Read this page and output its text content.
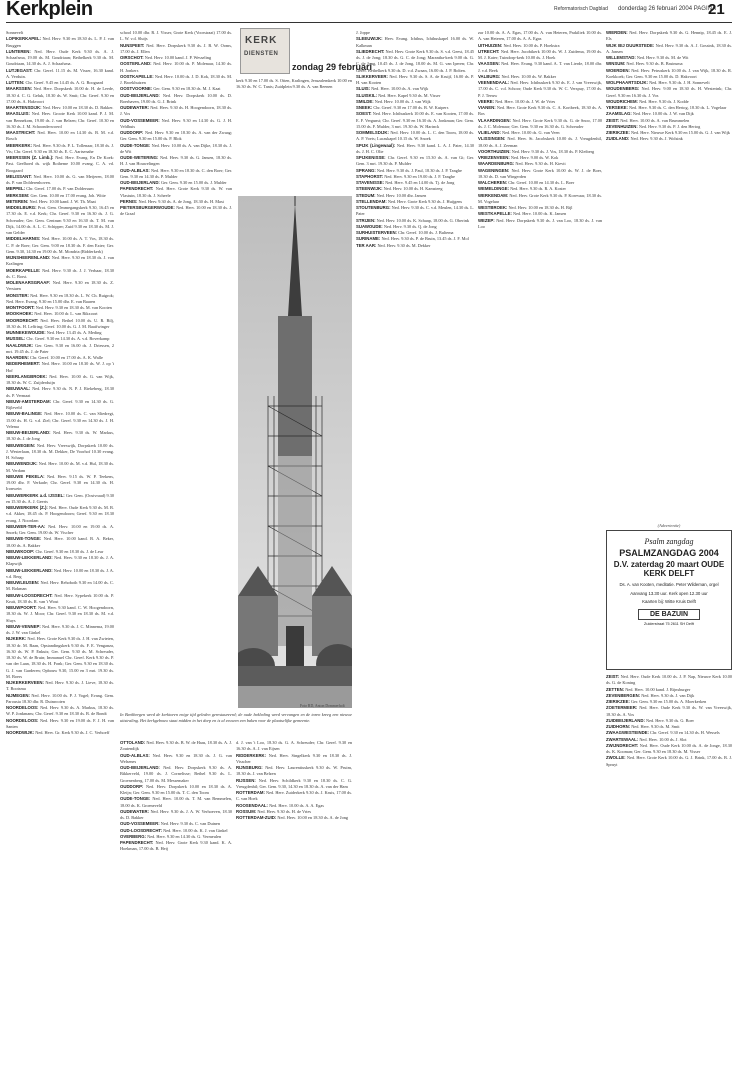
Kerkplein	Reformatorisch Dagblad donderdag 26 februari 2004 PAGINA
21

Sonnevelt

LOPIKERKAPEL: Ned. Herv. 9.30 en 18.30 ds. L. P. J. van Bruggen

LUNTEREN: Ned. Herv. Oude Kerk 9.30 ds. A. J. Schaafsma, 19.00 ds. M. Goudriaan; Bethelkerk 9.30 ds. M. Goudriaan, 14.30 ds. A. J. Schaafsma.

LUTJEGAST: Chr. Geref. 11.15 ds. M. Visser, 16.30 kand. A. Verduin.

LUTTEN: Chr. Geref. 9.45 en 14.45 ds. A. G. Boogaard

MAARSSEN: Ned. Herv. Dorpskerk 10.00 dr. H. de Leede, 18.30 d. C. G. Geluk, 18.30 ds. W. Smit; Chr. Geref. 9.30 en 17.00 ds. A. Hakvoort

MAARTENSDIJK: Ned. Herv. 10.00 en 18.30 ds. D. Bakker.

MAASLUIS: Ned. Herv. Groote Kerk 10.00 kand. P. J. M. van Bennekom, 19.00 ds. J. van Belzen; Chr. Geref. 10.30 en 16.30 ds. J. M. Schoonderwoerd

MAASTRICHT: Ned. Herv. 10.00 en 14.30 ds. B. M. v.d. Bosch

MEERKERK: Ned. Herv. 9.30 ds. P. L. Tollenaar, 18.30 ds. J. Vis; Chr. Geref. 9.30 en 18.30 ds. E. C. Aartsenahe

MEERSSEN (Z. Limb.): Ned. Herv. Evang. En De Koek: Past. Geelhoed ds. wijk Rotheme 10.00 evang. C. A. vd. Boogaard

MELISSANT: Ned. Herv. 10.00 ds. G. van Meijeren, 18.00 ds. P. van Dolderenhoven.

MEPPEL: Chr. Geref. 17.00 ds. P. van Doldersum

MERKSEM: Ger. Gem. 10.00 en 17.00 evang. Joh. Witte

METEREN: Ned. Herv. 10.00 kand. J. W. Th. Maat

MIDDELBURG: Prot. Gem. Ommegangskerk 9.30, 16.45 en 17.30 ds. E. v.d. Kerk; Chr. Geref. 9.30 en 16.30 ds. J. G. Schreuder; Ger. Gem. Centrum 9.30 en 16.30 ds. T. M. van Dijk, 14.00 ds. A. L. C. Schipper; Zuid 9.30 en 18.30 ds. M. J. van Gelder

MIDDELHARNIS: Ned. Herv. 10.00 ds. A. T. Vos, 18.30 ds. C. P. de Boer; Ger. Gem. 9.00 en 18.30 ds. F. den Exter; Ger. Gem. 9.30, 14.30 en 19.00 ds. M. Mondria (Ridderkerk)

MIJNSHEERENLAND: Ned. Herv. 9.30 en 18.30 ds. J. van Kralingen

MOERKAPELLE: Ned. Herv. 9.30 ds. J. J. Verhaar, 18.30 ds. C. Borst.

MOLENAARSGRAAF: Ned. Herv. 9.30 en 18.30 ds. Z. Verstaen

MONSTER: Ned. Herv. 9.30 en 18.30 ds. L. W. Ch. Ruigrok; Ned. Herv. Evang. 9.30 en 15.00 dhr. E. van Baaren

MONTFOORT: Ned. Herv. 9.30 en 18.30 ds. M. van Kooten

MOOKHOEK: Ned. Herv. 10.00 dr. L. van Rikxoort

MOORDRECHT: Ned. Herv. Bethel 10.00 ds. U. R. Bilj, 18.30 ds. H. Leffring; Geref. 10.00 ds. G. J. M. Baaifwinger

MUNNEKEWOUDE: Ned. Herv. 13.45 ds. A. Meding

MUSSEL: Chr. Geref. 9.30 en 14.30 ds. A. v.d. Boverkamp

NAALDWIJK: Ger. Gem. 9.30 en 16.00 ds. J. Driessen, 2 mrt. 19.45 ds. J. de Pater

NAARDEN: Chr. Geref. 10.00 en 17.00 ds. A. K. Walle

NEDERHEMERT: Ned. Herv. 10.00 en 18.30 ds. W. J. op 't Hof

NEERLANGBROEK: Ned. Herv. 10.00 ds. G. van Wijk, 18.30 ds. W. C. Zuijderduijn

NIEUWAAL: Ned. Herv. 9.30 ds. N. P. J. Riekeberg, 18.30 ds. P. Vermaat

NIEUW-AMSTERDAM: Chr. Geref. 9.30 en 14.30 ds. G. Bijleveld

NIEUW-BALINGE: Ned. Herv. 10.00 ds. C. van Sliedregt, 15.00 ds. H. G. v.d. Ziel; Chr. Geref. 9.30 en 14.30 ds. J. H. Velema

NIEUW-BEIJERLAND: Ned. Herv. 9.30 ds. W. Markus, 18.30 ds. J. de Jong

NIEUWEGEIN: Ned. Herv. Vreeswijk, Dorpskerk 10.00 ds. J. Westerlaan, 18.30 ds. M. Dekker, De Voorhof 10.30 evang. H. Schaap

NIEUWENDIJK: Ned. Herv. 10.00 ds. M. v.d. Hul, 18.30 ds. M. Verdam

NIEUWE PEKELA: Ned. Herv. 9.15 ds. W. P. Teekens, 19.00 dhr. F. Verkade; Chr. Geref. 9.30 en 14.30 ds. H. Ironwein

NIEUWERKERK a.d. IJSSEL: Ger. Gem. (Oostvraad) 9.30 en 15.30 ds. A. J. Geerts

NIEUWERKERK (Z.): Ned. Herv. Oude Kerk 9.30 ds. M. B. v.d. Akker, 18.45 ds. P. Hoogendoorn; Geref. 9.30 en 18.30 evang. J. Noordam

NIEUWER-TER-AA: Ned. Herv. 10.00 en 19.00 ds. A. Snoek; Ger. Gem. 19.00 ds. W. Vischer

NIEUWE-TONGE: Ned. Herv. 10.00 kand. B. A. Beker, 18.00 ds. A. Bakker

NIEUWKOOP: Chr. Geref. 9.30 en 18.30 ds. J. de Leur

NIEUW-LEKKERLAND: Ned. Herv. 9.30 en 18.30 ds. J. A. Klapwijk

NIEUW-LEKKERLAND: Ned. Herv. 10.00 en 18.30 ds. J. A. v.d. Berg

NIEUWLEUSEN: Ned. Herv. Rehoboth 9.30 en 14.00 ds. C. M. Bokman

NIEUW-LOOSDRECHT: Ned. Herv. Sypekerk 10.00 ds. P. Kruit, 18.30 ds. R. van 't Wout

NIEUWPOORT: Ned. Herv. 9.30 kand. C. W. Hoogendoorn, 18.30 ds. W. J. Moor; Chr. Geref. 9.30 en 18.30 ds. M. v.d. Sluys

NIEUW-VENNEP: Ned. Herv. 9.30 ds. J. C. Minnema, 19.00 ds. J. W. van Ginkel

NIJKERK: Ned. Herv. Grote Kerk 9.30 ds. J. H. van Zwieten, 18.30 dr. M. Baan, Opstandingskerk 9.30 ds. F. E. Venganza, 16.30 ds. W. P. Enkuis; Ger. Gem. 9.30 ds. M. Schreuder, 18.30 ds. W. de Bruin; Immanuel Chr. Geref. Kerk 9.30 ds. P. van der Laan, 18.30 ds. H. Fonk; Ger. Gem. 9.30 en 18.30 ds. G. J. van Garderen; Opbouw 9.30, 15.00 en 3 mrt. 19.30 ds. M. Boers

NIJKERKERVEEN: Ned. Herv. 9.30 ds. J. Lieve, 18.30 ds. T. Bootsma

NIJMEGEN: Ned. Herv. 10.00 ds. P. J. Vogel; Evang. Gem. Parousia 18.30 dhr. R. Duinrooien

NOORDELOOS: Ned. Herv. 9.30 ds. A. Markus, 18.30 ds. W. P. Jonkmans; Chr. Geref. 9.30 en 18.30 ds. B. de Bondt

NOORDELOOS: Ned. Herv. 9.30 en 19.00 ds. F. J. H. van Santen

NOORDWIJK: Ned. Herv. Gr. Kerk 9.30 ds. J. C. Verhoeff

school 10.00 dhr. R. J. Visser, Grote Kerk (Voorstraat) 17.00 ds. L. W. v.d. Sluijs

NUNSPEET: Ned. Herv. Dorpskerk 9.30 ds. J. B. W. Ooms, 17.00 ds. J. Ellen

OIRSCHOT: Ned. Herv. 10.00 kand. J. P. Wesseling

OOSTERLAND: Ned. Herv. 10.00 ds. P. Molenaar, 14.30 ds. H. Jonkers

OOSTKAPELLE: Ned. Herv. 10.00 ds. J. D. Kok, 18.30 ds. M. J. Broekhuizen

OOSTVOORNE: Ger. Gem. 9.30 en 18.30 ds. M. J. Kaat

OUD-BEIJERLAND: Ned. Herv. Dorpskerk 10.00 ds. D. Boerhaven, 19.00 ds. G. J. Brink

OUDEWATER: Ned. Herv. 9.30 ds. H. Hoogendoorn, 18.30 ds. J. Vos

OUD-VOSSEMEER: Ned. Herv. 9.30 en 14.30 ds. G. J. H. Veldhuis

OUDDORP: Ned. Herv. 9.30 en 18.30 ds. A. van der Zwaag; Ger. Gem. 9.30 en 15.00 ds. P. Blok

OUDE-TONGE: Ned. Herv. 10.00 ds. A. van Dijke, 18.30 ds. J. de Wit

OUDE-WETERING: Ned. Herv. 9.30 ds. G. Jansen, 18.30 ds. H. J. van Houwelingen

OUD-ALBLAS: Ned. Herv. 9.30 en 18.30 ds. C. den Boer; Ger. Gem. 9.30 en 14.30 ds. P. Mulder

OUD-BEIJERLAND: Ger. Gem. 9.30 en 15.00 ds. J. Mulder

PAPENDRECHT: Ned. Herv. Grote Kerk 9.30 ds. W. van Vlastuin, 18.30 ds. J. Scheele

PERNIS: Ned. Herv. 9.30 ds. A. de Jong, 18.30 ds. H. Mast

PIETERSBURGERWOUDE: Ned. Herv. 10.00 en 18.30 ds. J. de Graaf

KERK
DIENSTEN
zondag 29 februari

kerk 9.30 en 17.00 ds. S. Otten, Kralingen, Jeruzalemkerk 10.00 en 16.30 ds. W. C. Tanis; Zuidplein 9.30 ds. A. van Reenen

Foto RD, Anton Dommerholt
In Beekbergen werd de kerktoren enige tijd geleden gerestaureerd; de oude bekleding werd vervangen en de toren kreeg een nieuwe uitstraling. Het kerkgebouw staat midden in het dorp en is al eeuwen een baken voor de plaatselijke gemeente.

OTTOLAND: Ned. Herv. 9.30 ds. B. W. de Haas, 18.30 ds. A. J. Zoutendijk

OUD-ALBLAS: Ned. Herv. 9.30 en 18.30 ds. J. G. van Welsenes

OUD-BEIJERLAND: Ned. Herv. Dorpskerk 9.30 ds. A. Bikkerveld, 19.00 ds. J. Cornelisse; Bethel 9.30 ds. L. Groenenberg, 17.00 ds. M. Messemaker

OUDDORP: Ned. Herv. Dorpskerk 10.00 en 18.30 ds. A. Kleijn; Ger. Gem. 9.30 en 15.00 ds. T. C. den Toom

OUDE-TONGE: Ned. Herv. 10.00 ds. T. M. van Bemmelen, 18.00 ds. K. Groeneveld

OUDEWATER: Ned. Herv. 9.30 ds. J. A. W. Verhoeven, 18.30 ds. D. Bakker

OUD-VOSSEMEER: Ned. Herv. 9.30 ds. C. van Duinen

OUD-LOOSDRECHT: Ned. Herv. 10.00 ds. K. J. van Ginkel

OVERBERG: Ned. Herv. 9.30 en 14.30 ds. G. Vermeulen

PAPENDRECHT: Ned. Herv. Grote Kerk 9.30 kand. K. A. Hoekman, 17.00 ds. B. Heij

d. J. van 't Loo, 18.30 ds. G. A. Schreuder; Chr. Geref. 9.30 en 16.30 ds. A. J. van Eijsen

RIDDERKERK: Ned. Herv. Singelkerk 9.30 en 18.30 ds. J. Visscher

RIJNSBURG: Ned. Herv. Laurentiuskerk 9.30 ds. W. Pruim, 18.30 ds. J. van Belzen

RIJSSEN: Ned. Herv. Schildkerk 9.30 en 18.30 ds. C. G. Vreugdenhil; Ger. Gem. 9.30, 14.30 en 18.30 ds. A. van der Ham

ROTTERDAM: Ned. Herv. Zuiderkerk 9.30 ds. J. Kruis, 17.00 ds. C. van Hoek

ROOSENDAAL: Ned. Herv. 10.00 ds. A. A. Egas

ROSSUM: Ned. Herv. 9.30 ds. H. de Vries

ROTTERDAM-ZUID: Ned. Herv. 10.00 en 18.30 ds. A. de Jong

J. Joppe

SLEEUWIJK: Herv. Evang. Ichthus, Ichthuskapel 16.00 ds. W. Kalkman

SLIEDRECHT: Ned. Herv. Grote Kerk 9.30 ds. S. v.d. Geest, 18.45 ds. J. de Jong; 18.30 ds. G. C. de Jong; Marantha-kerk 9.00 ds. G. C. de Jong, 10.45 ds. J. de Jong, 18.00 ds. M. G. van Iperen; Chr. Geref. Bethelkerk 9.30 ds. D. v.d. Zwaan, 16.00 ds. J. P. Bolten.

SLIKKERVEER: Ned. Herv. 9.30 ds. S. A. de Kruijf, 16.00 ds. P. H. van Kooten

SLUIS: Ned. Herv. 10.00 ds. A. van Wijk

SLUISKIL: Ned. Herv. Kapel 9.30 ds. M. Visser

SMILDE: Ned. Herv. 10.00 ds. J. van Wijk

SNEEK: Chr. Geref. 9.30 en 17.00 ds. B. W. Kuipers

SOEST: Ned. Herv. Ichthuskerk 10.00 ds. E. van Kooten, 17.00 ds. E. F. Vergunst; Chr. Geref. 9.30 en 16.30 ds. A. Jonkman; Ger. Gem. 15.00 ds. F. Mulder, 3 mrt. 19.30 ds. W. Harinck

SOMMELSDIJK: Ned. Herv. 10.00 ds. L. C. den Toom, 18.00 ds. A. P. Voets; Lucaskapel 10.15 ds. W. Snoek

SPIJK (Lingewaal): Ned. Herv. 9.30 kand. L. A. J. Pater, 14.30 ds. J. H. C. Olie

SPIJKENISSE: Chr. Geref. 9.30 en 15.30 ds. A. van Gi; Ger. Gem. 3 mrt. 19.30 ds. P. Mulder

SPRANG: Ned. Herv. 9.30 ds. J. Paul, 18.30 ds. J. P. Tanghe

STAPHORST: Ned. Herv. 9.30 en 19.00 ds. J. F. Tanghe

STAVENISSE: Ned. Herv. 9.45 en 14.00 ds. Tj. de Jong

STEENWIJK: Ned. Herv. 10.00 ds. H. Kamsteeg

STEDUM: Ned. Herv. 10.00 dhr. Jansen

STELLENDAM: Ned. Herv. Grote Kerk 9.30 ds. J. Huijgens

STOUTENBURG: Ned. Herv. 9.30 ds. C. v.d. Meulen, 14.30 ds. L. Pater

STRIJEN: Ned. Herv. 10.00 ds. K. Schaap, 18.00 ds. G. Oberink

SUAWOUDE: Ned. Herv. 9.30 ds. Q. de Jong

SURHUISTERVEEN: Chr. Geref. 10.00 ds. J. Bultema

SURINAME: Ned. Herv. 9.30 ds. P. de Bruin, 13.45 ds. J. F. Mol

TER AAR: Ned. Herv. 9.30 ds. M. Dekker

zar 10.00 ds. A. A. Egas, 17.00 ds. A. van Heteren, Prakiliek 10.00 ds. A. van Heteren, 17.00 ds. A. A. Egas

UITHUIZEN: Ned. Herv. 10.00 ds. P. Hoekstra

UTRECHT: Ned. Herv. Jacobikerk 10.00 ds. W. J. Zuidema, 19.00 ds. M. J. Kater; Tuindorp-kerk 10.00 ds. J. Hoek

VAASSEN: Ned. Herv. Evang. 9.30 kand. A. T. van Lierde, 18.00 dhr. J. v.d. Beek

VALBURG: Ned. Herv. 10.00 ds. W. Bakker

VEENENDAAL: Ned. Herv. Ichthuskerk 9.30 ds. E. J. van Vreeswijk, 17.00 ds. C. v.d. Schoor; Oude Kerk 9.30 ds. W. C. Verspuy, 17.00 ds. P. J. Teeuw

VEERE: Ned. Herv. 10.00 ds. J. W. de Vries

VIANEN: Ned. Herv. Grote Kerk 9.30 ds. C. A. Kortbeek, 18.30 ds. A. Bos

VLAARDINGEN: Ned. Herv. Grote Kerk 9.30 ds. G. de Snoo, 17.00 ds. J. C. Molenaar; Ger. Gem. 9.30 en 16.30 ds. G. Schreuder

VLIELAND: Ned. Herv. 10.00 ds. G. van Veen

VLISSINGEN: Ned. Herv. St. Jacobskerk 10.00 ds. J. Vreugdenhil, 18.00 ds. A. J. Zeeman

VOORTHUIZEN: Ned. Herv. 9.30 ds. J. Vos, 18.30 ds. P. Kleiberg

VRIEZENVEEN: Ned. Herv. 9.00 ds. W. Kok

WAARDENBURG: Ned. Herv. 9.30 ds. H. Kievit

WAGENINGEN: Ned. Herv. Grote Kerk 10.00 ds. W. J. de Boer, 18.30 ds. D. van Wingerden

WALCHEREN: Chr. Geref. 10.00 en 14.30 ds. L. Boer

WEMELDINGE: Ned. Herv. 9.30 ds. R. A. Koster

WERKENDAM: Ned. Herv. Grote Kerk 9.30 ds. P. Korevaar, 18.30 ds. M. Vogelaar

WESTBROEK: Ned. Herv. 10.00 en 18.30 ds. H. Bijl

WESTKAPELLE: Ned. Herv. 10.00 ds. K. Jansen

WEZEP: Ned. Herv. Dorpskerk 9.30 ds. J. van Loo, 18.30 ds. J. van Loo

WIERDEN: Ned. Herv. Dorpskerk 9.30 ds. G. Hennip, 18.45 ds. E. J. Els

WIJK BIJ DUURSTEDE: Ned. Herv. 9.30 ds. A. J. Gossink, 18.30 ds. A. Jansen

WILLEMSTAD: Ned. Herv. 9.30 ds. M. de Wit

WINSUM: Ned. Herv. 9.30 ds. B. Bruinsma

WOERDEN: Ned. Herv. Petruskerk 10.00 ds. J. van Wijk, 18.30 ds. R. Koekkoek; Ger. Gem. 9.30 en 15.00 ds. D. Hakvoort

WOLPHAARTSDIJK: Ned. Herv. 9.30 ds. J. H. Sonnevelt

WOUDENBERG: Ned. Herv. 9.00 en 18.30 ds. H. Westerink; Chr. Geref. 9.30 en 16.30 ds. J. Vos

WOUDRICHEM: Ned. Herv. 9.30 ds. J. Kodde

YERSEKE: Ned. Herv. 9.30 ds. C. den Hertog, 18.30 ds. L. Vogelaar

ZAAMSLAG: Ned. Herv. 10.00 ds. J. W. van Dijk

ZEIST: Ned. Herv. 10.00 ds. A. van Brummelen

ZEVENHUIZEN: Ned. Herv. 9.30 ds. P. J. den Hertog

ZIERIKZEE: Ned. Herv. Nieuwe Kerk 9.30 en 15.00 ds. G. J. van Wijk

ZUIDLAND: Ned. Herv. 9.30 ds. J. Wolsink

(Advertentie)
Psalm zangdag
PSALMZANGDAG 2004
D.V. zaterdag 20 maart OUDE KERK DELFT
Ds. A. van Kooten, meditatie. Peter Wildeman, orgel
Aanvang 13.30 uur. Kerk open 12.30 uur
Kaarten bij: Witte Kruis Delft
DE BAZUIN
Zuiderstraat 75 2611 SH Delft

ZEIST: Ned. Herv. Oude Kerk 10.00 ds. J. P. Nap, Nieuwe Kerk 10.00 ds. G. de Koning

ZETTEN: Ned. Herv. 10.00 kand. J. Rijnsburger

ZEVENBERGEN: Ned. Herv. 9.30 ds. J. van Dijk

ZIERIKZEE: Ger. Gem. 9.30 en 15.00 ds. A. Moerkerken

ZOETERMEER: Ned. Herv. Oude Kerk 9.30 ds. W. van Vreeswijk, 18.30 ds. A. Vos

ZUIDBEIJERLAND: Ned. Herv. 9.30 ds. G. Boer

ZUIDHORN: Ned. Herv. 9.30 ds. M. Smit

ZWAAGWESTEINDE: Chr. Geref. 9.30 en 14.30 ds. H. Wessels

ZWARTEWAAL: Ned. Herv. 10.00 ds. J. Slot

ZWIJNDRECHT: Ned. Herv. Oude Kerk 10.00 ds. A. de Jonge, 18.30 ds. K. Kooman; Ger. Gem. 9.30 en 18.30 ds. M. Visser

ZWOLLE: Ned. Herv. Grote Kerk 10.00 ds. G. J. Brink, 17.00 ds. B. J. Spruyt
